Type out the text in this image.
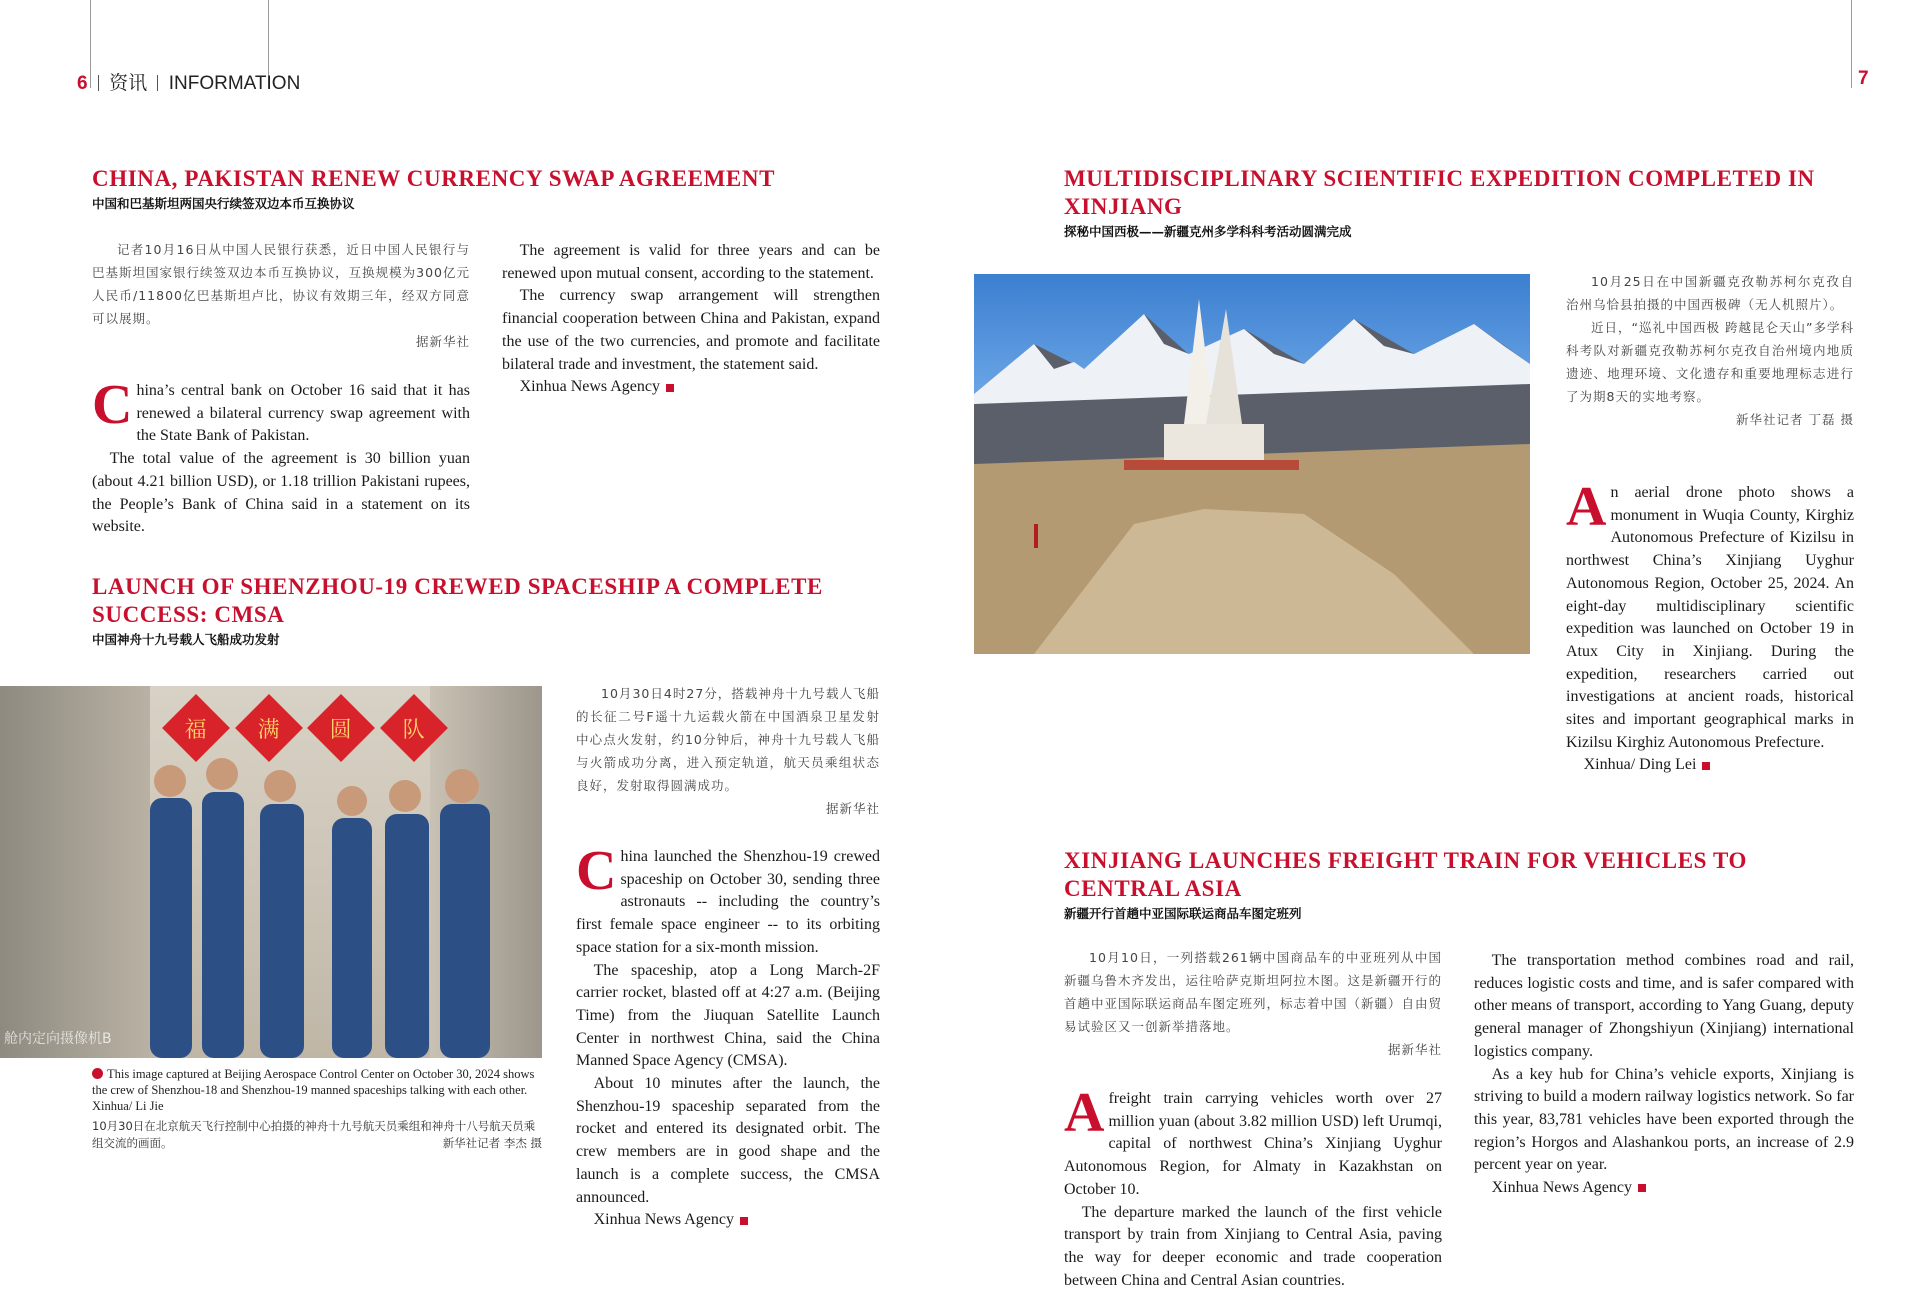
6 资讯 INFORMATION	7
CHINA, PAKISTAN RENEW CURRENCY SWAP AGREEMENT
中国和巴基斯坦两国央行续签双边本币互换协议

记者10月16日从中国人民银行获悉，近日中国人民银行与巴基斯坦国家银行续签双边本币互换协议，互换规模为300亿元人民币/11800亿巴基斯坦卢比，协议有效期三年，经双方同意可以展期。

据新华社

China’s central bank on October 16 said that it has renewed a bilateral currency swap agreement with the State Bank of Pakistan.

The total value of the agreement is 30 billion yuan (about 4.21 billion USD), or 1.18 trillion Pakistani rupees, the People’s Bank of China said in a statement on its website.

The agreement is valid for three years and can be renewed upon mutual consent, according to the statement.

The currency swap arrangement will strengthen financial cooperation between China and Pakistan, expand the use of the two currencies, and promote and facilitate bilateral trade and investment, the statement said.

Xinhua News Agency

LAUNCH OF SHENZHOU-19 CREWED SPACESHIP A COMPLETE SUCCESS: CMSA
中国神舟十九号载人飞船成功发射
福 满 圆 队
舱内定向摄像机B
This image captured at Beijing Aerospace Control Center on October 30, 2024 shows the crew of Shenzhou-18 and Shenzhou-19 manned spaceships talking with each other. Xinhua/ Li Jie
10月30日在北京航天飞行控制中心拍摄的神舟十九号航天员乘组和神舟十八号航天员乘组交流的画面。	新华社记者 李杰 摄

10月30日4时27分，搭载神舟十九号载人飞船的长征二号F遥十九运载火箭在中国酒泉卫星发射中心点火发射，约10分钟后，神舟十九号载人飞船与火箭成功分离，进入预定轨道，航天员乘组状态良好，发射取得圆满成功。

据新华社

China launched the Shenzhou-19 crewed spaceship on October 30, sending three astronauts -- including the country’s first female space engineer -- to its orbiting space station for a six-month mission.

The spaceship, atop a Long March-2F carrier rocket, blasted off at 4:27 a.m. (Beijing Time) from the Jiuquan Satellite Launch Center in northwest China, said the China Manned Space Agency (CMSA).

About 10 minutes after the launch, the Shenzhou-19 spaceship separated from the rocket and entered its designated orbit. The crew members are in good shape and the launch is a complete success, the CMSA announced.

Xinhua News Agency

MULTIDISCIPLINARY SCIENTIFIC EXPEDITION COMPLETED IN XINJIANG
探秘中国西极——新疆克州多学科科考活动圆满完成

10月25日在中国新疆克孜勒苏柯尔克孜自治州乌恰县拍摄的中国西极碑（无人机照片）。

近日，“巡礼中国西极 跨越昆仑天山”多学科科考队对新疆克孜勒苏柯尔克孜自治州境内地质遗迹、地理环境、文化遗存和重要地理标志进行了为期8天的实地考察。

新华社记者 丁磊 摄

An aerial drone photo shows a monument in Wuqia County, Kirghiz Autonomous Prefecture of Kizilsu in northwest China’s Xinjiang Uyghur Autonomous Region, October 25, 2024. An eight-day multidisciplinary scientific expedition was launched on October 19 in Atux City in Xinjiang. During the expedition, researchers carried out investigations at ancient roads, historical sites and important geographical marks in Kizilsu Kirghiz Autonomous Prefecture.

Xinhua/ Ding Lei

XINJIANG LAUNCHES FREIGHT TRAIN FOR VEHICLES TO CENTRAL ASIA
新疆开行首趟中亚国际联运商品车图定班列

10月10日，一列搭载261辆中国商品车的中亚班列从中国新疆乌鲁木齐发出，运往哈萨克斯坦阿拉木图。这是新疆开行的首趟中亚国际联运商品车图定班列，标志着中国（新疆）自由贸易试验区又一创新举措落地。

据新华社

A freight train carrying vehicles worth over 27 million yuan (about 3.82 million USD) left Urumqi, capital of northwest China’s Xinjiang Uyghur Autonomous Region, for Almaty in Kazakhstan on October 10.

The departure marked the launch of the first vehicle transport by train from Xinjiang to Central Asia, paving the way for deeper economic and trade cooperation between China and Central Asian countries.

The transportation method combines road and rail, reduces logistic costs and time, and is safer compared with other means of transport, according to Yang Guang, deputy general manager of Zhongshiyun (Xinjiang) international logistics company.

As a key hub for China’s vehicle exports, Xinjiang is striving to build a modern railway logistics network. So far this year, 83,781 vehicles have been exported through the region’s Horgos and Alashankou ports, an increase of 2.9 percent year on year.

Xinhua News Agency
